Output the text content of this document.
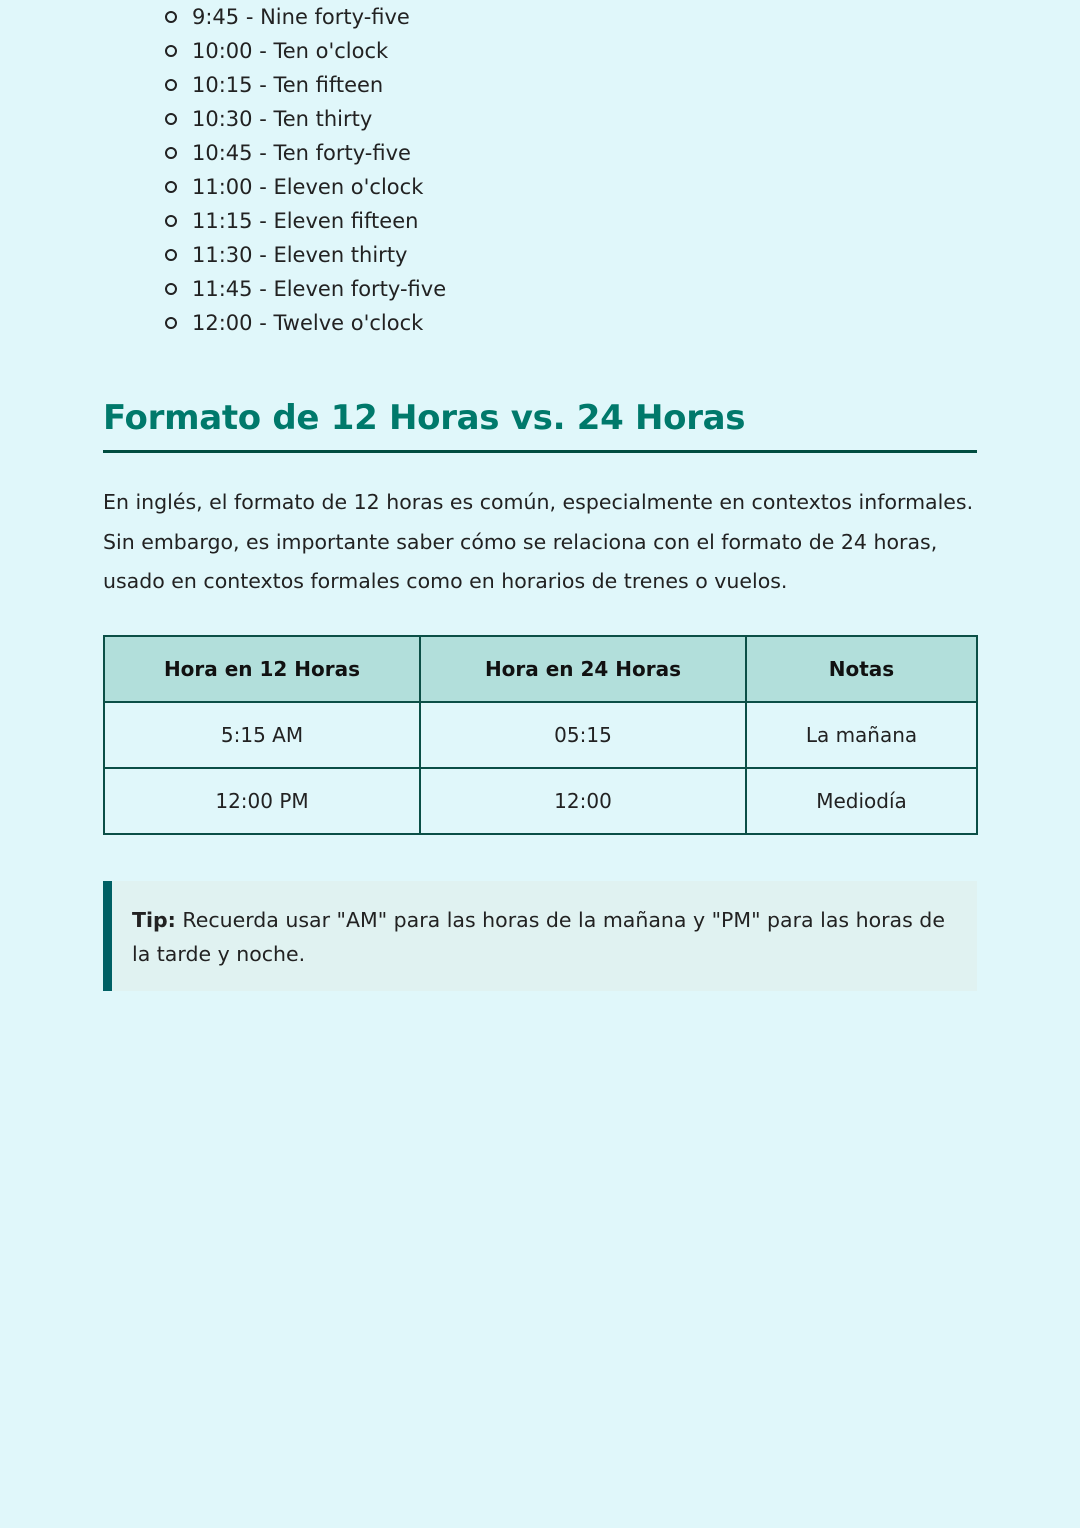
9:45 - Nine forty-five
10:00 - Ten o'clock
10:15 - Ten fifteen
10:30 - Ten thirty
10:45 - Ten forty-five
11:00 - Eleven o'clock
11:15 - Eleven fifteen
11:30 - Eleven thirty
11:45 - Eleven forty-five
12:00 - Twelve o'clock
Formato de 12 Horas vs. 24 Horas

En inglés, el formato de 12 horas es común, especialmente en contextos informales. Sin embargo, es importante saber cómo se relaciona con el formato de 24 horas, usado en contextos formales como en horarios de trenes o vuelos.

Hora en 12 Horas	Hora en 24 Horas	Notas
5:15 AM	05:15	La mañana
12:00 PM	12:00	Mediodía
Tip: Recuerda usar "AM" para las horas de la mañana y "PM" para las horas de la tarde y noche.
